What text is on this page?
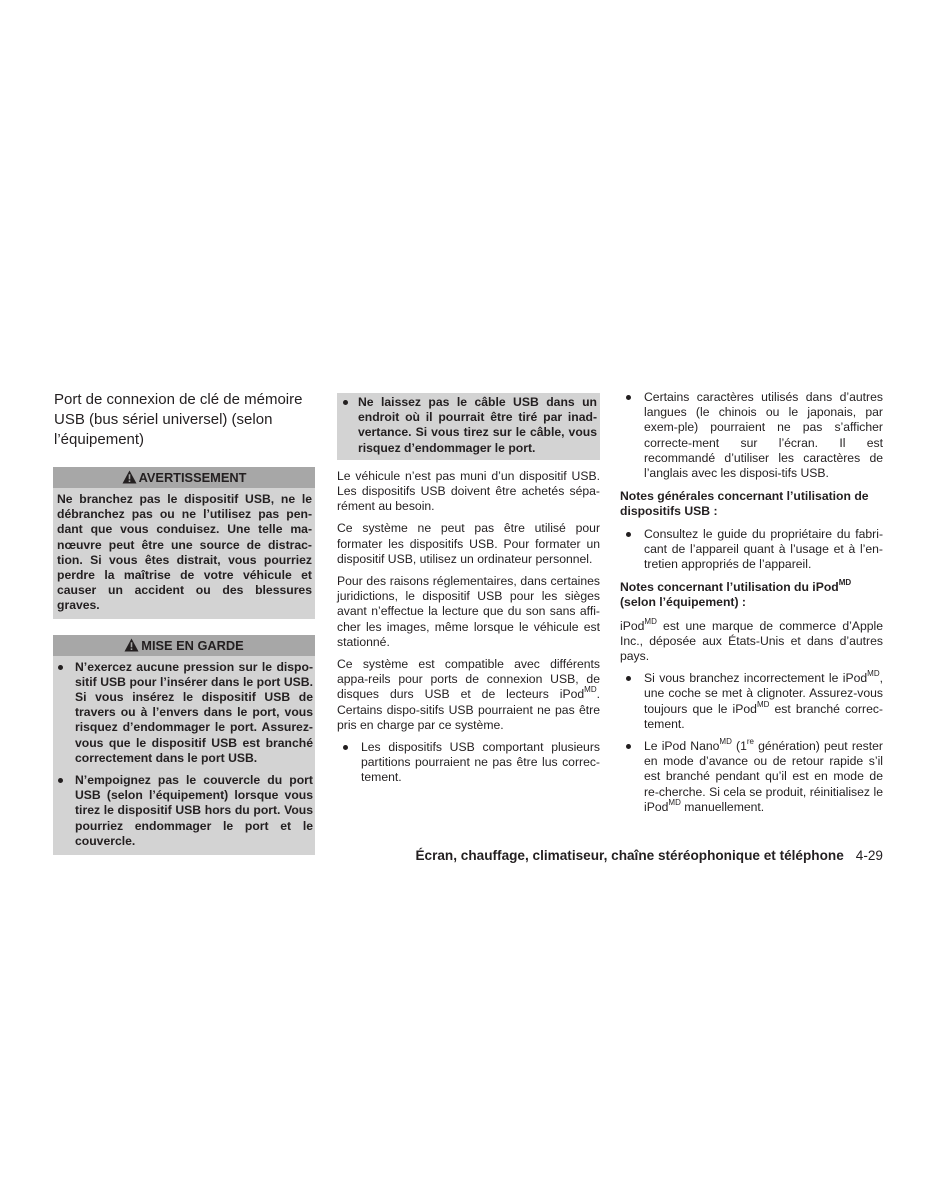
Port de connexion de clé de mémoire USB (bus sériel universel) (selon l’équipement)
AVERTISSEMENT
Ne branchez pas le dispositif USB, ne le débranchez pas ou ne l’utilisez pas pen-dant que vous conduisez. Une telle ma-nœuvre peut être une source de distrac-tion. Si vous êtes distrait, vous pourriez perdre la maîtrise de votre véhicule et causer un accident ou des blessures graves.
MISE EN GARDE
N’exercez aucune pression sur le dispo-sitif USB pour l’insérer dans le port USB. Si vous insérez le dispositif USB de travers ou à l’envers dans le port, vous risquez d’endommager le port. Assurez-vous que le dispositif USB est branché correctement dans le port USB.
N’empoignez pas le couvercle du port USB (selon l’équipement) lorsque vous tirez le dispositif USB hors du port. Vous pourriez endommager le port et le couvercle.
Ne laissez pas le câble USB dans un endroit où il pourrait être tiré par inad-vertance. Si vous tirez sur le câble, vous risquez d’endommager le port.

Le véhicule n’est pas muni d’un dispositif USB. Les dispositifs USB doivent être achetés sépa-rément au besoin.

Ce système ne peut pas être utilisé pour formater les dispositifs USB. Pour formater un dispositif USB, utilisez un ordinateur personnel.

Pour des raisons réglementaires, dans certaines juridictions, le dispositif USB pour les sièges avant n’effectue la lecture que du son sans affi-cher les images, même lorsque le véhicule est stationné.

Ce système est compatible avec différents appa-reils pour ports de connexion USB, de disques durs USB et de lecteurs iPod$^{MD}$. Certains dispo-sitifs USB pourraient ne pas être pris en charge par ce système.

Les dispositifs USB comportant plusieurs partitions pourraient ne pas être lus correc-tement.
Certains caractères utilisés dans d’autres langues (le chinois ou le japonais, par exem-ple) pourraient ne pas s’afficher correcte-ment sur l’écran. Il est recommandé d’utiliser les caractères de l’anglais avec les disposi-tifs USB.
Notes générales concernant l’utilisation de dispositifs USB :
Consultez le guide du propriétaire du fabri-cant de l’appareil quant à l’usage et à l’en-tretien appropriés de l’appareil.
Notes concernant l’utilisation du iPod$^{MD}$ (selon l’équipement) :

iPod$^{MD}$ est une marque de commerce d’Apple Inc., déposée aux États-Unis et dans d’autres pays.

Si vous branchez incorrectement le iPod$^{MD}$, une coche se met à clignoter. Assurez-vous toujours que le iPod$^{MD}$ est branché correc-tement.
Le iPod Nano$^{MD}$ (1re génération) peut rester en mode d’avance ou de retour rapide s’il est branché pendant qu’il est en mode de re-cherche. Si cela se produit, réinitialisez le iPod$^{MD}$ manuellement.
Écran, chauffage, climatiseur, chaîne stéréophonique et téléphone 4-29
